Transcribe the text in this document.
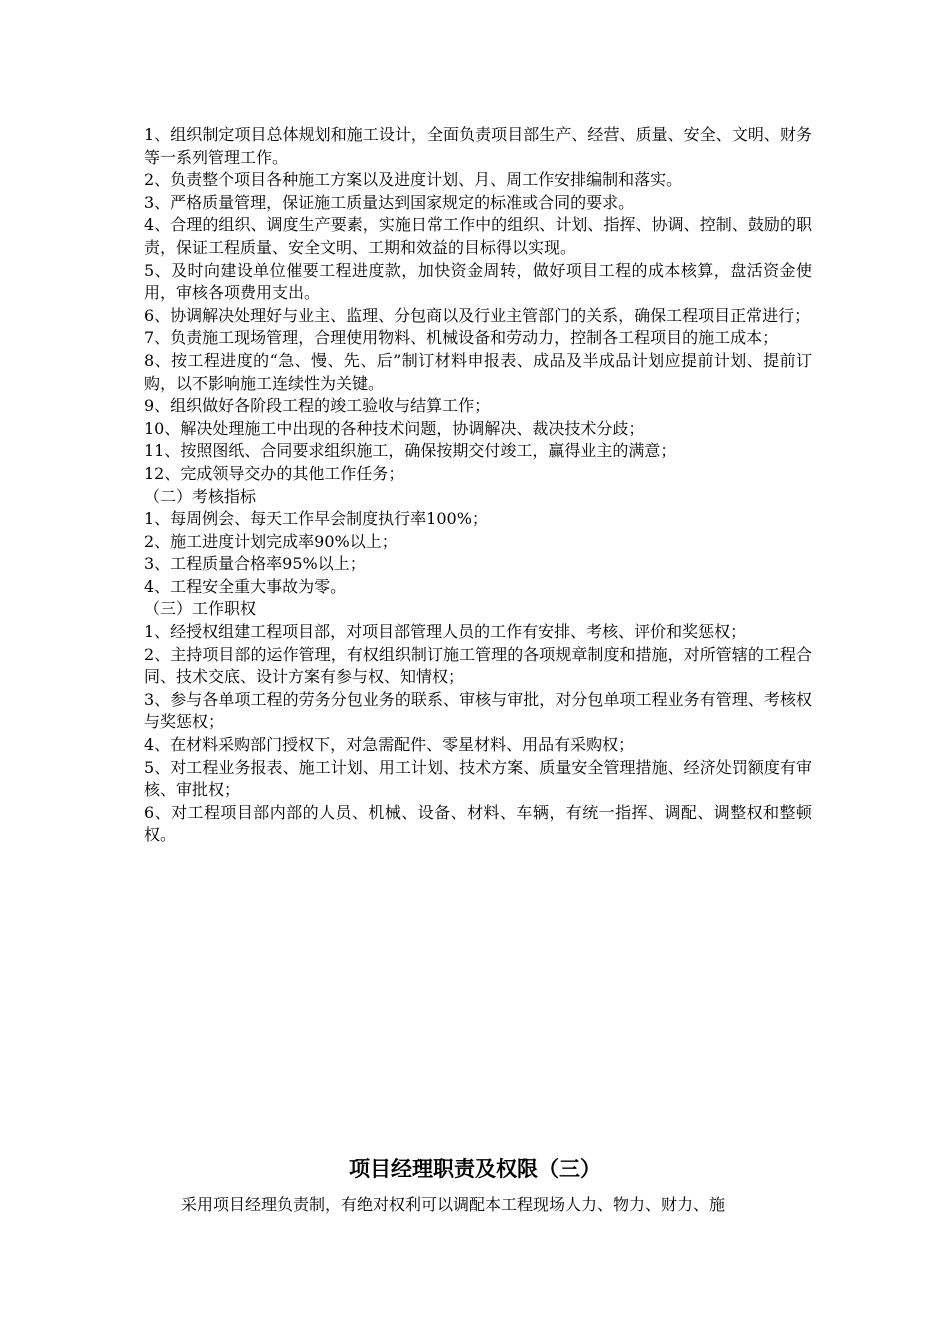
1、组织制定项目总体规划和施工设计，全面负责项目部生产、经营、质量、安全、文明、财务等一系列管理工作。

2、负责整个项目各种施工方案以及进度计划、月、周工作安排编制和落实。

3、严格质量管理，保证施工质量达到国家规定的标准或合同的要求。

4、合理的组织、调度生产要素，实施日常工作中的组织、计划、指挥、协调、控制、鼓励的职责，保证工程质量、安全文明、工期和效益的目标得以实现。

5、及时向建设单位催要工程进度款，加快资金周转，做好项目工程的成本核算，盘活资金使用，审核各项费用支出。

6、协调解决处理好与业主、监理、分包商以及行业主管部门的关系，确保工程项目正常进行；

7、负责施工现场管理，合理使用物料、机械设备和劳动力，控制各工程项目的施工成本；

8、按工程进度的“急、慢、先、后”制订材料申报表、成品及半成品计划应提前计划、提前订购，以不影响施工连续性为关键。

9、组织做好各阶段工程的竣工验收与结算工作；

10、解决处理施工中出现的各种技术问题，协调解决、裁决技术分歧；

11、按照图纸、合同要求组织施工，确保按期交付竣工，赢得业主的满意；

12、完成领导交办的其他工作任务；

（二）考核指标

1、每周例会、每天工作早会制度执行率100%；

2、施工进度计划完成率90%以上；

3、工程质量合格率95%以上；

4、工程安全重大事故为零。

（三）工作职权

1、经授权组建工程项目部，对项目部管理人员的工作有安排、考核、评价和奖惩权；

2、主持项目部的运作管理，有权组织制订施工管理的各项规章制度和措施，对所管辖的工程合同、技术交底、设计方案有参与权、知情权；

3、参与各单项工程的劳务分包业务的联系、审核与审批，对分包单项工程业务有管理、考核权与奖惩权；

4、在材料采购部门授权下，对急需配件、零星材料、用品有采购权；

5、对工程业务报表、施工计划、用工计划、技术方案、质量安全管理措施、经济处罚额度有审核、审批权；

6、对工程项目部内部的人员、机械、设备、材料、车辆，有统一指挥、调配、调整权和整顿权。

项目经理职责及权限（三）
采用项目经理负责制，有绝对权利可以调配本工程现场人力、物力、财力、施
